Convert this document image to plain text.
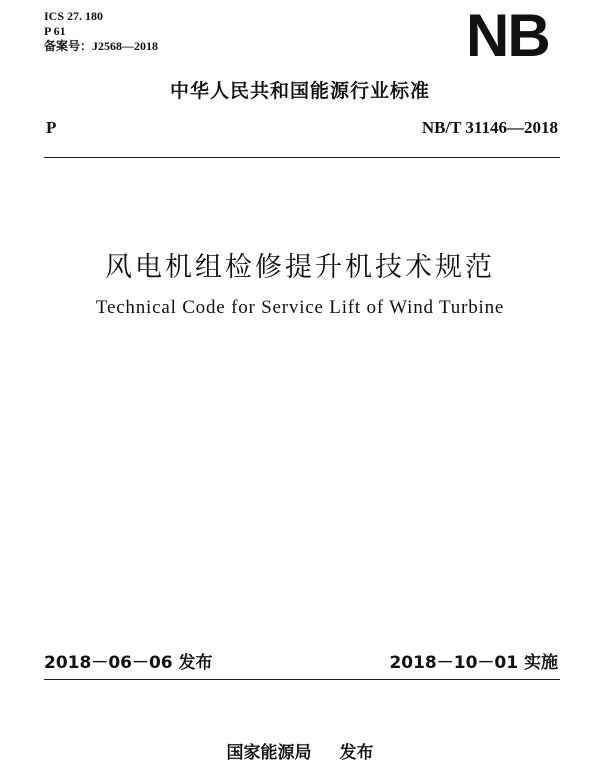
ICS 27. 180
P 61
备案号：J2568—2018	NB
中华人民共和国能源行业标准
P	NB/T 31146—2018
风电机组检修提升机技术规范
Technical Code for Service Lift of Wind Turbine
2018－06－06 发布	2018－10－01 实施
国家能源局 发布
